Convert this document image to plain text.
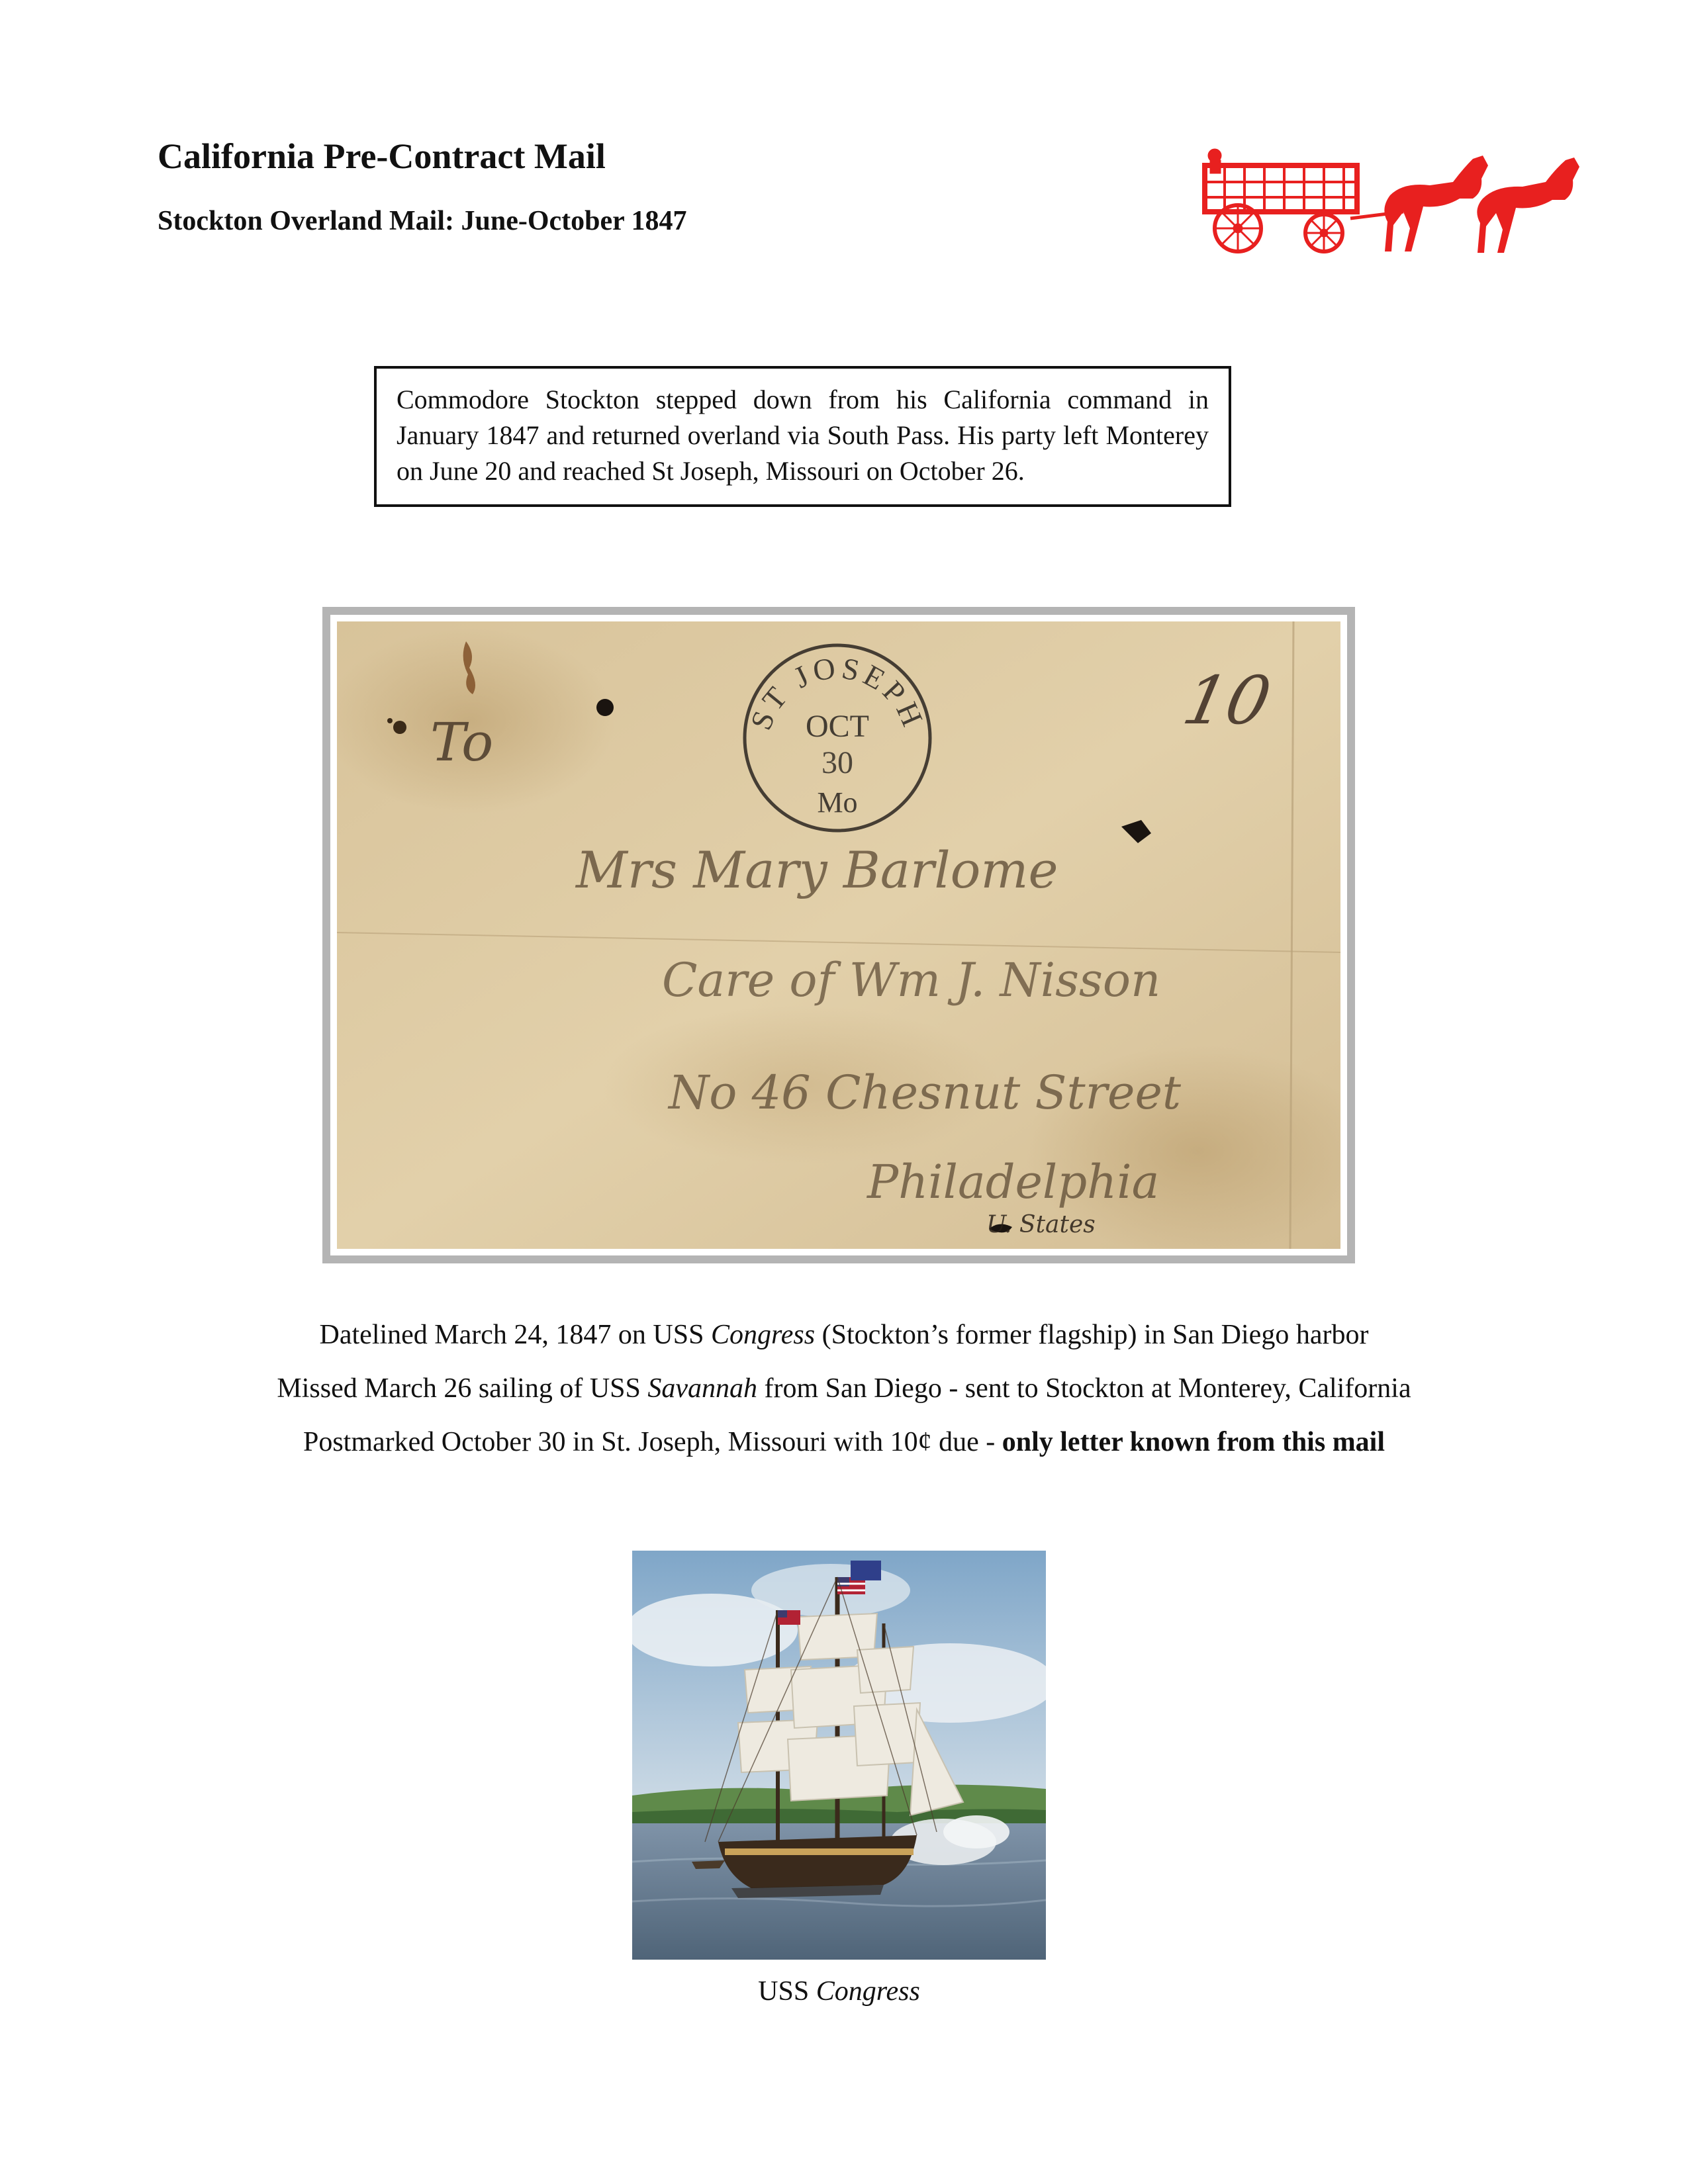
California Pre-Contract Mail
Stockton Overland Mail: June-October 1847
Commodore Stockton stepped down from his California command in January 1847 and returned overland via South Pass. His party left Monterey on June 20 and reached St Joseph, Missouri on October 26.
ST JOSEPH
OCT
30
Mo
10
To
Mrs Mary Barlome
Care of Wm J. Nisson
No 46 Chesnut Street
Philadelphia
U. States

Datelined March 24, 1847 on USS Congress (Stockton’s former flagship) in San Diego harbor

Missed March 26 sailing of USS Savannah from San Diego - sent to Stockton at Monterey, California

Postmarked October 30 in St. Joseph, Missouri with 10¢ due - only letter known from this mail

USS Congress
